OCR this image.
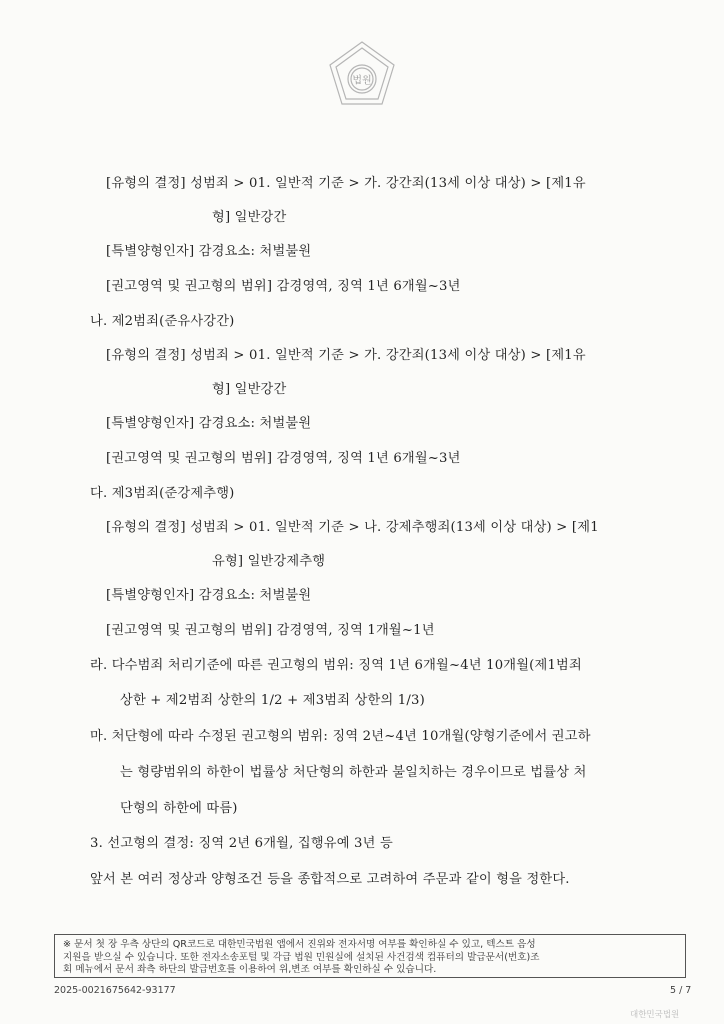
법원
[유형의 결정] 성범죄 > 01. 일반적 기준 > 가. 강간죄(13세 이상 대상) > [제1유
형] 일반강간
[특별양형인자] 감경요소: 처벌불원
[권고영역 및 권고형의 범위] 감경영역, 징역 1년 6개월~3년
나. 제2범죄(준유사강간)
[유형의 결정] 성범죄 > 01. 일반적 기준 > 가. 강간죄(13세 이상 대상) > [제1유
형] 일반강간
[특별양형인자] 감경요소: 처벌불원
[권고영역 및 권고형의 범위] 감경영역, 징역 1년 6개월~3년
다. 제3범죄(준강제추행)
[유형의 결정] 성범죄 > 01. 일반적 기준 > 나. 강제추행죄(13세 이상 대상) > [제1
유형] 일반강제추행
[특별양형인자] 감경요소: 처벌불원
[권고영역 및 권고형의 범위] 감경영역, 징역 1개월~1년
라. 다수범죄 처리기준에 따른 권고형의 범위: 징역 1년 6개월~4년 10개월(제1범죄
상한 + 제2범죄 상한의 1/2 + 제3범죄 상한의 1/3)
마. 처단형에 따라 수정된 권고형의 범위: 징역 2년~4년 10개월(양형기준에서 권고하
는 형량범위의 하한이 법률상 처단형의 하한과 불일치하는 경우이므로 법률상 처
단형의 하한에 따름)
3. 선고형의 결정: 징역 2년 6개월, 집행유예 3년 등
앞서 본 여러 정상과 양형조건 등을 종합적으로 고려하여 주문과 같이 형을 정한다.
※ 문서 첫 장 우측 상단의 QR코드로 대한민국법원 앱에서 진위와 전자서명 여부를 확인하실 수 있고, 텍스트 음성
지원을 받으실 수 있습니다. 또한 전자소송포털 및 각급 법원 민원실에 설치된 사건검색 컴퓨터의 발급문서(번호)조
회 메뉴에서 문서 좌측 하단의 발급번호를 이용하여 위,변조 여부를 확인하실 수 있습니다.
2025-0021675642-93177	5 / 7
대한민국법원
